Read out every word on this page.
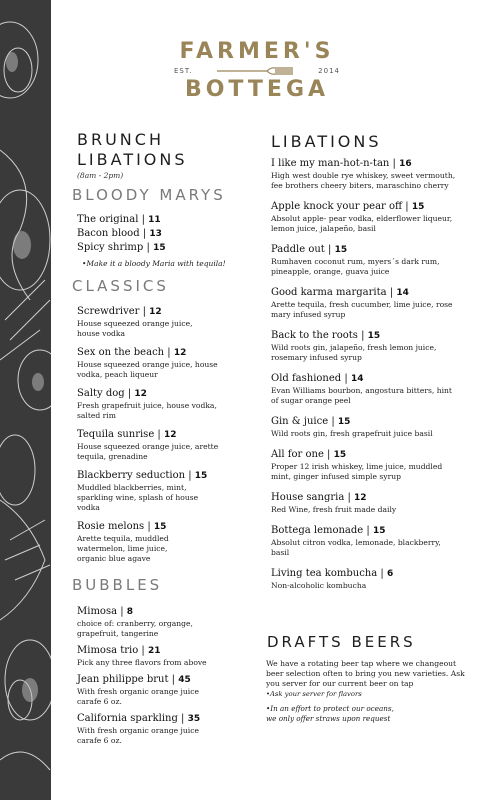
FARMER'S
EST.	2014
BOTTEGA
BRUNCH
LIBATIONS
(8am - 2pm)
BLOODY MARYS
The original | 11
Bacon blood | 13
Spicy shrimp | 15
•Make it a bloody Maria with tequila!
CLASSICS
Screwdriver | 12
House squeezed orange juice,
house vodka
Sex on the beach | 12
House squeezed orange juice, house
vodka, peach liqueur
Salty dog | 12
Fresh grapefruit juice, house vodka,
salted rim
Tequila sunrise | 12
House squeezed orange juice, arette
tequila, grenadine
Blackberry seduction | 15
Muddled blackberries, mint,
sparkling wine, splash of house
vodka
Rosie melons | 15
Arette tequila, muddled
watermelon, lime juice,
organic blue agave
BUBBLES
Mimosa | 8
choice of: cranberry, organge,
grapefruit, tangerine
Mimosa trio | 21
Pick any three flavors from above
Jean philippe brut | 45
With fresh organic orange juice
carafe 6 oz.
California sparkling | 35
With fresh organic orange juice
carafe 6 oz.
LIBATIONS
I like my man-hot-n-tan | 16
High west double rye whiskey, sweet vermouth,
fee brothers cheery biters, maraschino cherry
Apple knock your pear off | 15
Absolut apple- pear vodka, elderflower liqueur,
lemon juice, jalapeño, basil
Paddle out | 15
Rumhaven coconut rum, myers´s dark rum,
pineapple, orange, guava juice
Good karma margarita | 14
Arette tequila, fresh cucumber, lime juice, rose
mary infused syrup
Back to the roots | 15
Wild roots gin, jalapeño, fresh lemon juice,
rosemary infused syrup
Old fashioned | 14
Evan Williams bourbon, angostura bitters, hint
of sugar orange peel
Gin & juice | 15
Wild roots gin, fresh grapefruit juice basil
All for one | 15
Proper 12 irish whiskey, lime juice, muddled
mint, ginger infused simple syrup
House sangria | 12
Red Wine, fresh fruit made daily
Bottega lemonade | 15
Absolut citron vodka, lemonade, blackberry,
basil
Living tea kombucha | 6
Non-alcoholic kombucha
DRAFTS BEERS
We have a rotating beer tap where we changeout
beer selection often to bring you new varieties. Ask
you server for our current beer on tap
•Ask your server for flavors
•In an effort to protect our oceans,
we only offer straws upon request
